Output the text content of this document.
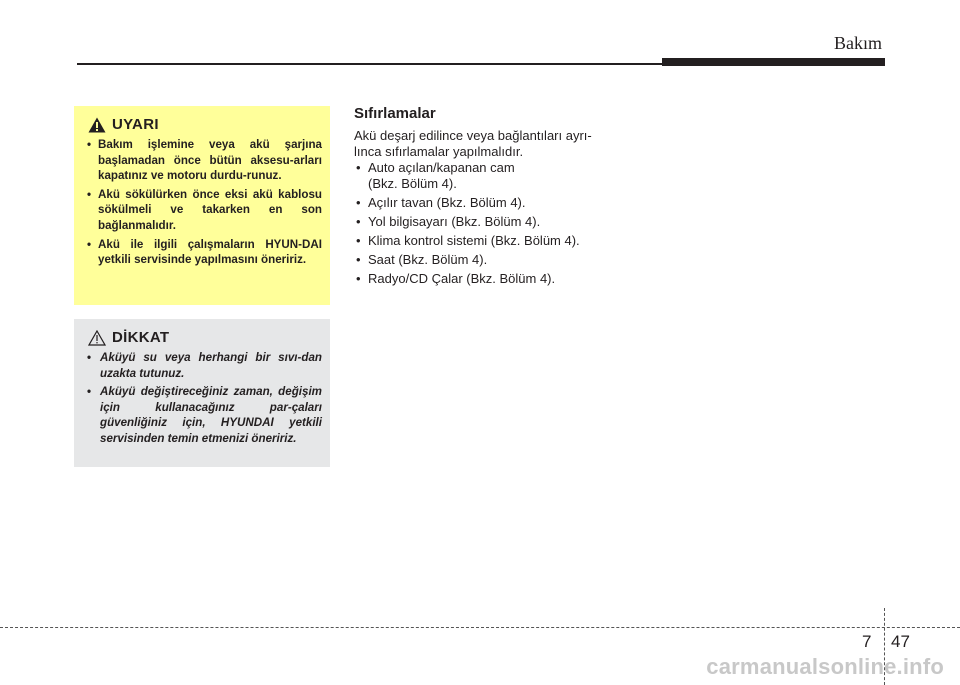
Bakım
UYARI
• Bakım işlemine veya akü şarjına başlamadan önce bütün aksesu-arları kapatınız ve motoru durdu-runuz.
• Akü sökülürken önce eksi akü kablosu sökülmeli ve takarken en son bağlanmalıdır.
• Akü ile ilgili çalışmaların HYUN-DAI yetkili servisinde yapılmasını öneririz.
DİKKAT
• Aküyü su veya herhangi bir sıvı-dan uzakta tutunuz.
• Aküyü değiştireceğiniz zaman, değişim için kullanacağınız par-çaları güvenliğiniz için, HYUNDAI yetkili servisinden temin etmenizi öneririz.
Sıfırlamalar
Akü deşarj edilince veya bağlantıları ayrı-lınca sıfırlamalar yapılmalıdır.
• Auto açılan/kapanan cam
(Bkz. Bölüm 4).
• Açılır tavan (Bkz. Bölüm 4).
• Yol bilgisayarı (Bkz. Bölüm 4).
• Klima kontrol sistemi (Bkz. Bölüm 4).
• Saat (Bkz. Bölüm 4).
• Radyo/CD Çalar (Bkz. Bölüm 4).
7 47
carmanualsonline.info
